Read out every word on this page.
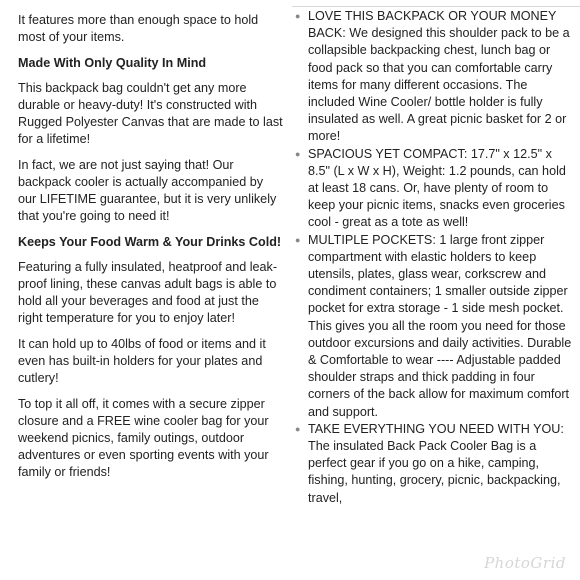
It features more than enough space to hold most of your items.

Made With Only Quality In Mind

This backpack bag couldn't get any more durable or heavy-duty! It's constructed with Rugged Polyester Canvas that are made to last for a lifetime!

In fact, we are not just saying that! Our backpack cooler is actually accompanied by our LIFETIME guarantee, but it is very unlikely that you're going to need it!

Keeps Your Food Warm & Your Drinks Cold!

Featuring a fully insulated, heatproof and leak-proof lining, these canvas adult bags is able to hold all your beverages and food at just the right temperature for you to enjoy later!

It can hold up to 40lbs of food or items and it even has built-in holders for your plates and cutlery!

To top it all off, it comes with a secure zipper closure and a FREE wine cooler bag for your weekend picnics, family outings, outdoor adventures or even sporting events with your family or friends!

● LOVE THIS BACKPACK OR YOUR MONEY BACK: We designed this shoulder pack to be a collapsible backpacking chest, lunch bag or food pack so that you can comfortable carry items for many different occasions. The included Wine Cooler/ bottle holder is fully insulated as well. A great picnic basket for 2 or more!
● SPACIOUS YET COMPACT: 17.7" x 12.5" x 8.5" (L x W x H), Weight: 1.2 pounds, can hold at least 18 cans. Or, have plenty of room to keep your picnic items, snacks even groceries cool - great as a tote as well!
● MULTIPLE POCKETS: 1 large front zipper compartment with elastic holders to keep utensils, plates, glass wear, corkscrew and condiment containers; 1 smaller outside zipper pocket for extra storage - 1 side mesh pocket. This gives you all the room you need for those outdoor excursions and daily activities. Durable & Comfortable to wear ---- Adjustable padded shoulder straps and thick padding in four corners of the back allow for maximum comfort and support.
● TAKE EVERYTHING YOU NEED WITH YOU: The insulated Back Pack Cooler Bag is a perfect gear if you go on a hike, camping, fishing, hunting, grocery, picnic, backpacking, travel,
PhotoGrid
